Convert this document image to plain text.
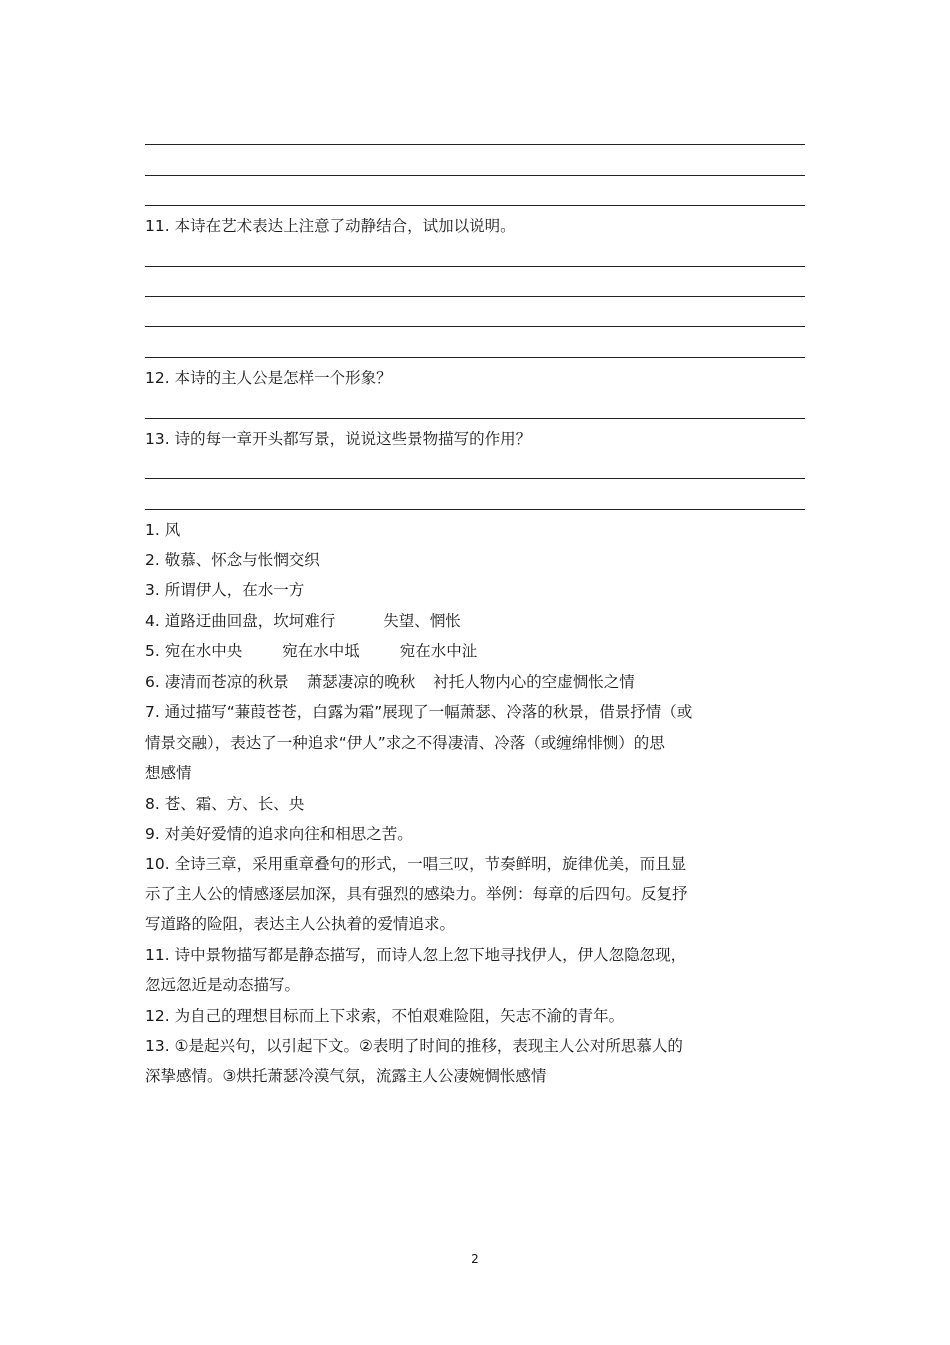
11. 本诗在艺术表达上注意了动静结合，试加以说明。
12. 本诗的主人公是怎样一个形象？
13. 诗的每一章开头都写景，说说这些景物描写的作用？
1. 风
2. 敬慕、怀念与怅惘交织
3. 所谓伊人，在水一方
4. 道路迂曲回盘，坎坷难行	失望、惘怅
5. 宛在水中央	宛在水中坻	宛在水中沚
6. 凄清而苍凉的秋景 萧瑟凄凉的晚秋 衬托人物内心的空虚惆怅之情
7. 通过描写“蒹葭苍苍，白露为霜”展现了一幅萧瑟、冷落的秋景，借景抒情（或
情景交融），表达了一种追求“伊人”求之不得凄清、冷落（或缠绵悱恻）的思
想感情
8. 苍、霜、方、长、央
9. 对美好爱情的追求向往和相思之苦。
10. 全诗三章，采用重章叠句的形式，一唱三叹，节奏鲜明，旋律优美，而且显
示了主人公的情感逐层加深，具有强烈的感染力。举例：每章的后四句。反复抒
写道路的险阻，表达主人公执着的爱情追求。
11. 诗中景物描写都是静态描写，而诗人忽上忽下地寻找伊人，伊人忽隐忽现，
忽远忽近是动态描写。
12. 为自己的理想目标而上下求索，不怕艰难险阻，矢志不渝的青年。
13. ①是起兴句，以引起下文。②表明了时间的推移，表现主人公对所思慕人的
深挚感情。③烘托萧瑟冷漠气氛，流露主人公凄婉惆怅感情
2
